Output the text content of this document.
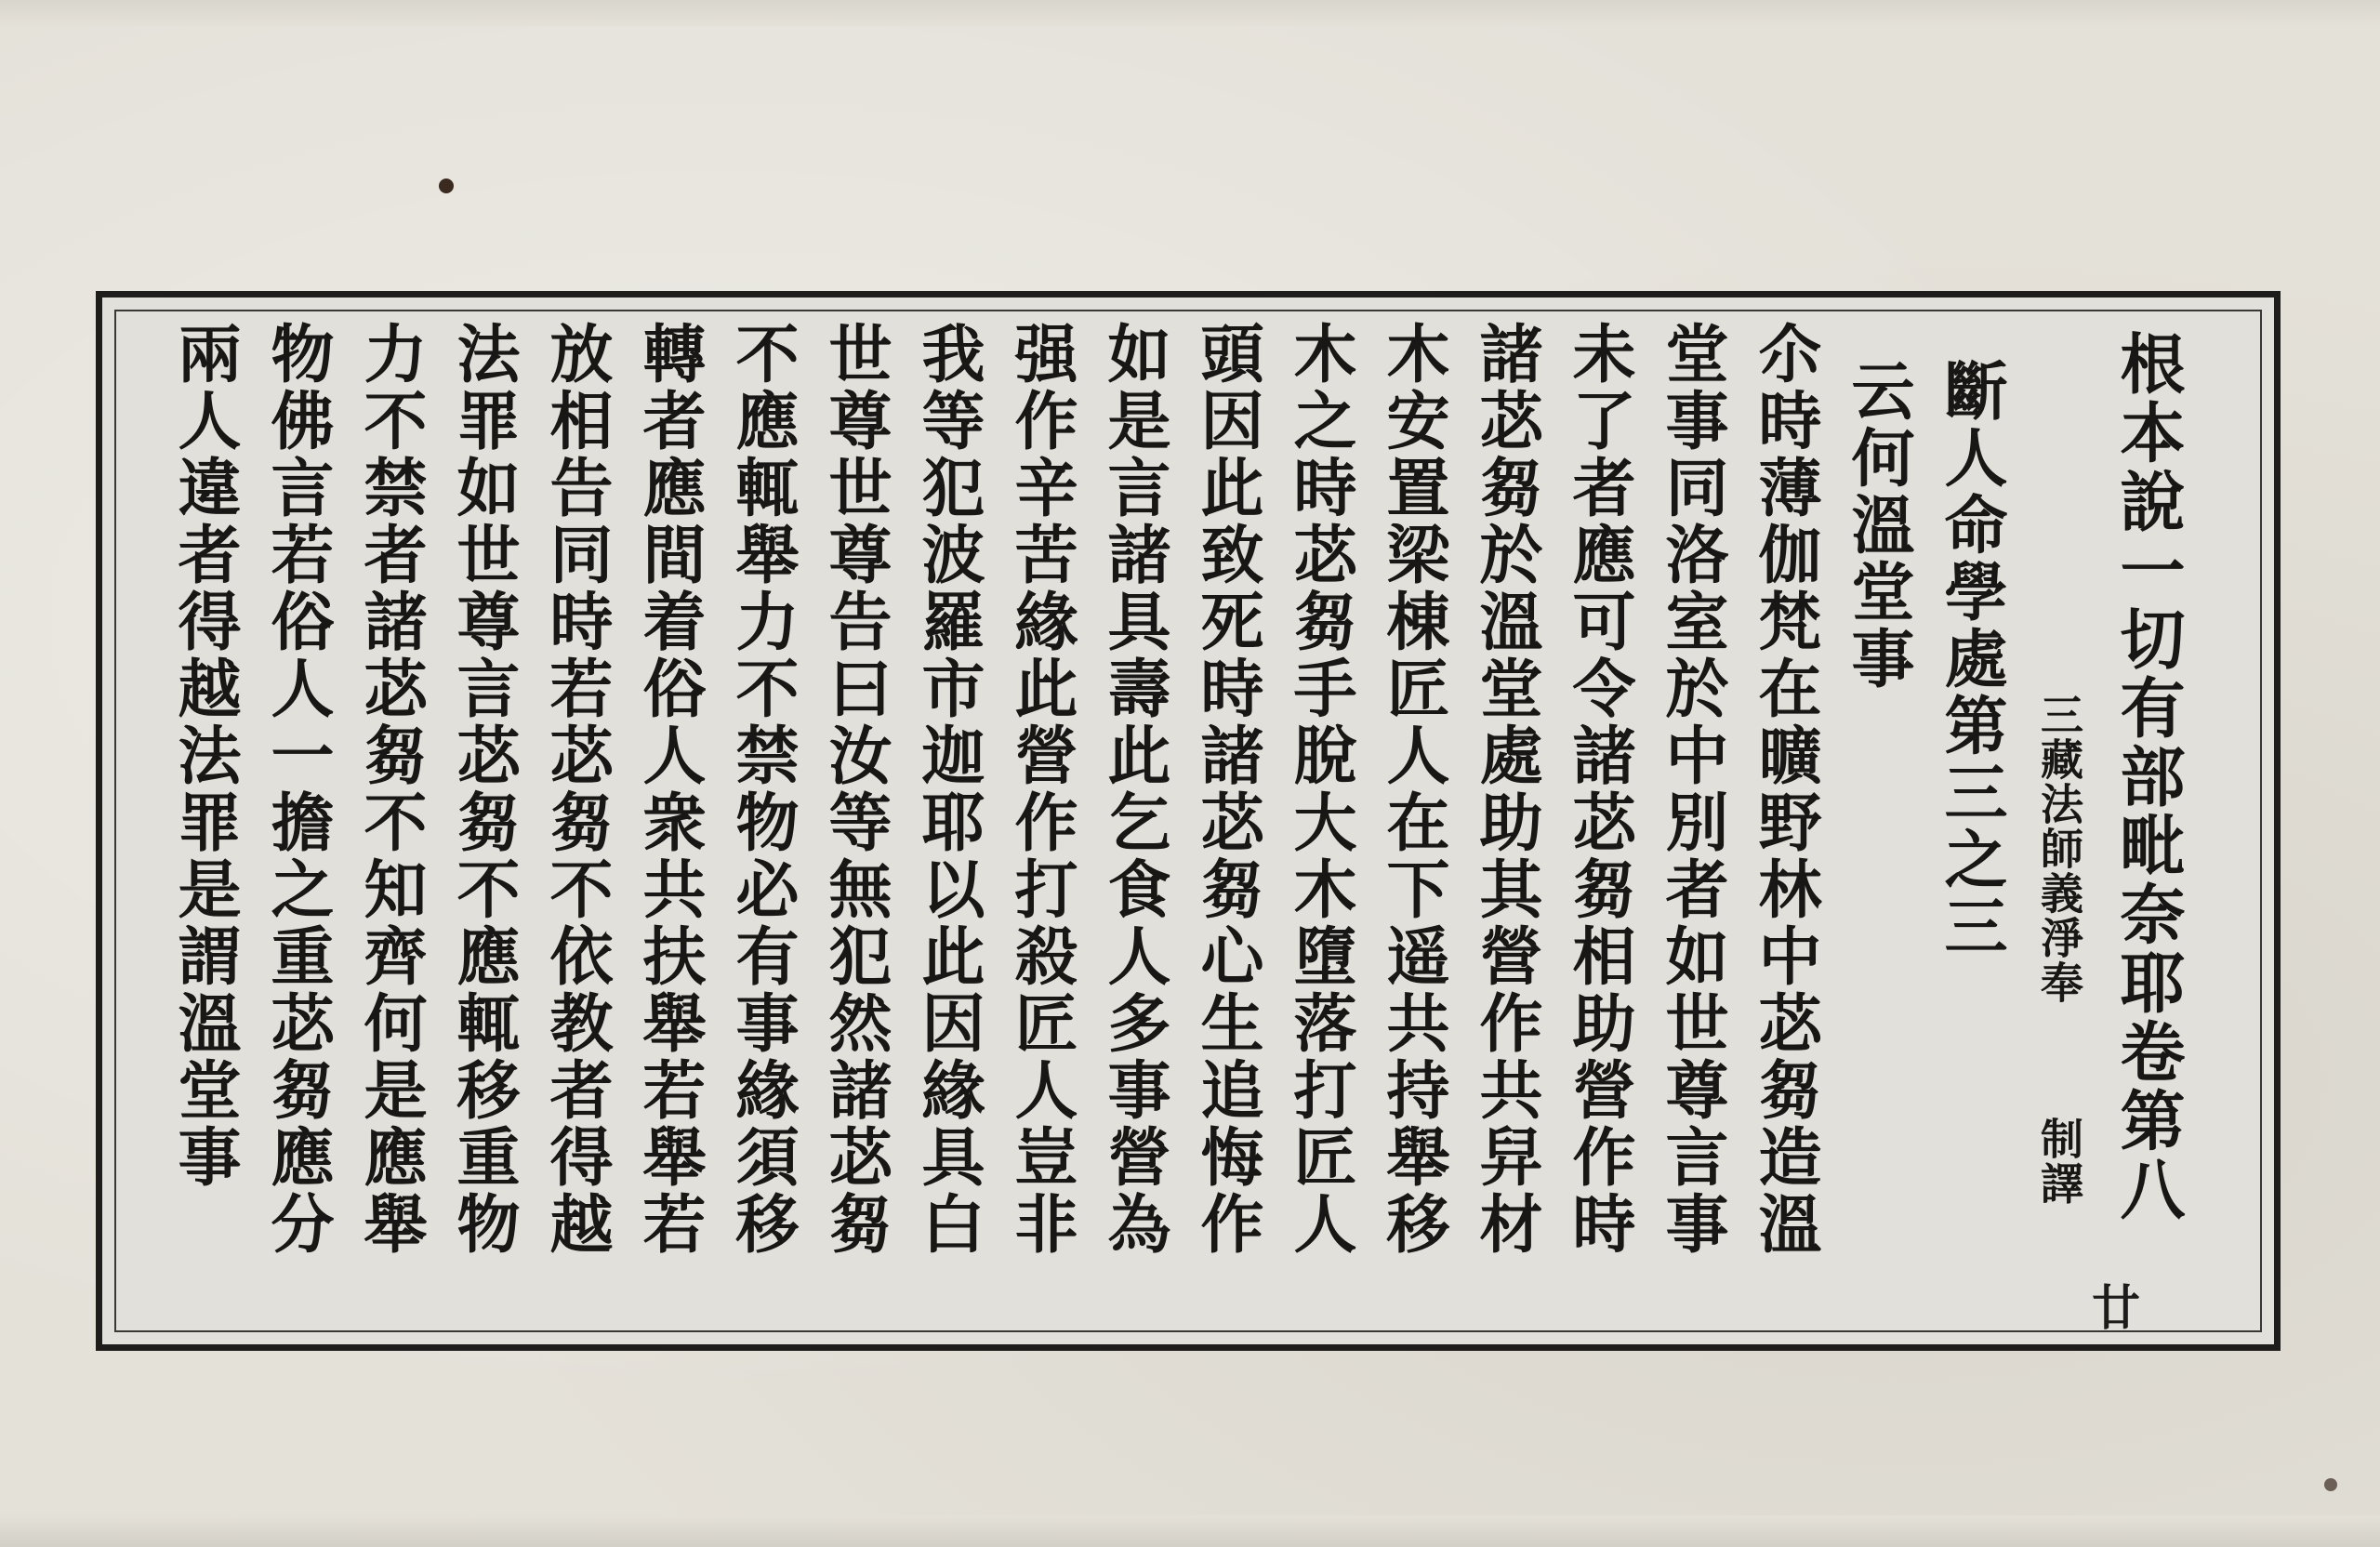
根本說一切有部毗奈耶卷第八

三藏法師義淨奉制譯

斷人命學處第三之三

云何溫堂事

尒時薄伽梵在曠野林中苾芻造溫

堂事同洛室於中別者如世尊言事

未了者應可令諸苾芻相助營作時

諸苾芻於溫堂處助其營作共舁材

木安置梁棟匠人在下遥共持舉移

木之時苾芻手脫大木墮落打匠人

頭因此致死時諸苾芻心生追悔作

如是言諸具壽此乞食人多事營為

强作辛苦緣此營作打殺匠人豈非

我等犯波羅市迦耶以此因緣具白

世尊世尊告曰汝等無犯然諸苾芻

不應輒舉力不禁物必有事緣須移

轉者應間着俗人衆共扶舉若舉若

放相告同時若苾芻不依教者得越

法罪如世尊言苾芻不應輒移重物

力不禁者諸苾芻不知齊何是應舉

物佛言若俗人一擔之重苾芻應分

兩人違者得越法罪是謂溫堂事

廿
